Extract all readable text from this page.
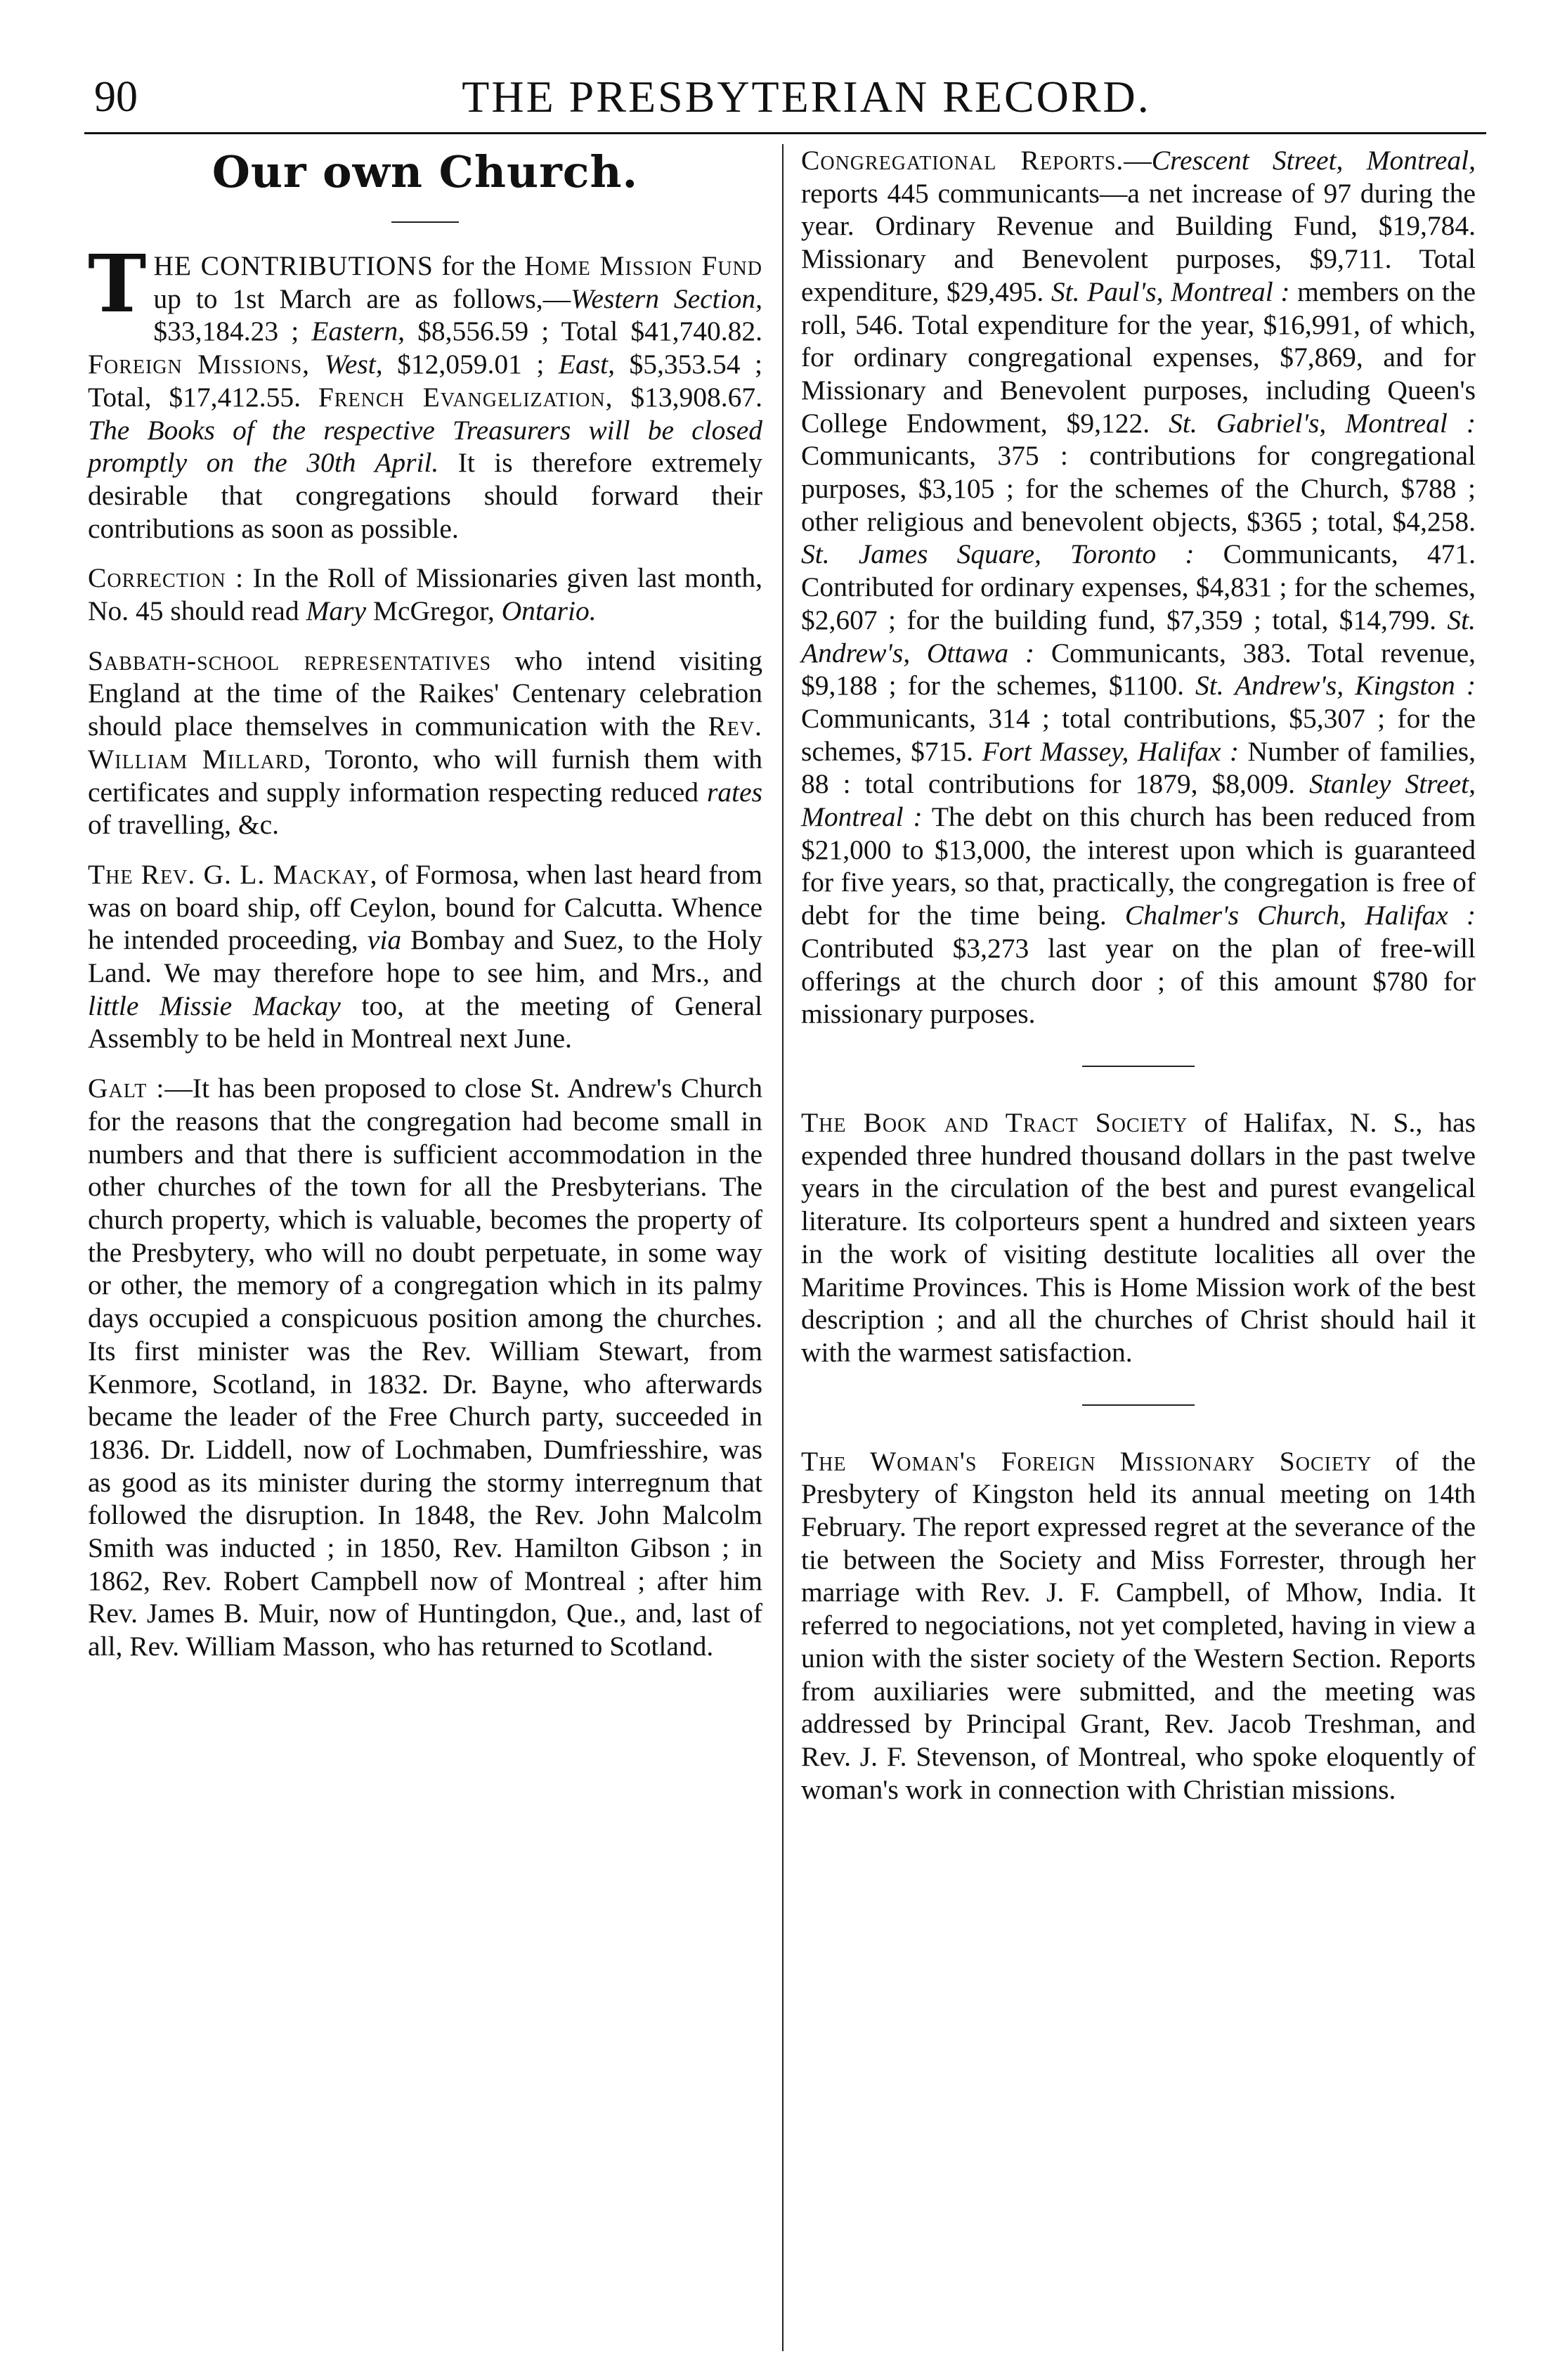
90	THE PRESBYTERIAN RECORD.
Our own Church.

THE CONTRIBUTIONS for the Home Mission Fund up to 1st March are as follows,—Western Section, $33,184.23 ; Eastern, $8,556.59 ; Total $41,740.82. Foreign Missions, West, $12,059.01 ; East, $5,353.54 ; Total, $17,412.55. French Evangelization, $13,908.67. The Books of the respective Treasurers will be closed promptly on the 30th April. It is therefore extremely desirable that congregations should forward their contributions as soon as possible.

Correction : In the Roll of Missionaries given last month, No. 45 should read Mary McGregor, Ontario.

Sabbath-school representatives who intend visiting England at the time of the Raikes' Centenary celebration should place themselves in communication with the Rev. William Millard, Toronto, who will furnish them with certificates and supply information respecting reduced rates of travelling, &c.

The Rev. G. L. Mackay, of Formosa, when last heard from was on board ship, off Ceylon, bound for Calcutta. Whence he intended proceeding, via Bombay and Suez, to the Holy Land. We may therefore hope to see him, and Mrs., and little Missie Mackay too, at the meeting of General Assembly to be held in Montreal next June.

Galt :—It has been proposed to close St. Andrew's Church for the reasons that the congregation had become small in numbers and that there is sufficient accommodation in the other churches of the town for all the Presbyterians. The church property, which is valuable, becomes the property of the Presbytery, who will no doubt perpetuate, in some way or other, the memory of a congregation which in its palmy days occupied a conspicuous position among the churches. Its first minister was the Rev. William Stewart, from Kenmore, Scotland, in 1832. Dr. Bayne, who afterwards became the leader of the Free Church party, succeeded in 1836. Dr. Liddell, now of Lochmaben, Dumfriesshire, was as good as its minister during the stormy interregnum that followed the disruption. In 1848, the Rev. John Malcolm Smith was inducted ; in 1850, Rev. Hamilton Gibson ; in 1862, Rev. Robert Campbell now of Montreal ; after him Rev. James B. Muir, now of Huntingdon, Que., and, last of all, Rev. William Masson, who has returned to Scotland.

Congregational Reports.—Crescent Street, Montreal, reports 445 communicants—a net increase of 97 during the year. Ordinary Revenue and Building Fund, $19,784. Missionary and Benevolent purposes, $9,711. Total expenditure, $29,495. St. Paul's, Montreal : members on the roll, 546. Total expenditure for the year, $16,991, of which, for ordinary congregational expenses, $7,869, and for Missionary and Benevolent purposes, including Queen's College Endowment, $9,122. St. Gabriel's, Montreal : Communicants, 375 : contributions for congregational purposes, $3,105 ; for the schemes of the Church, $788 ; other religious and benevolent objects, $365 ; total, $4,258. St. James Square, Toronto : Communicants, 471. Contributed for ordinary expenses, $4,831 ; for the schemes, $2,607 ; for the building fund, $7,359 ; total, $14,799. St. Andrew's, Ottawa : Communicants, 383. Total revenue, $9,188 ; for the schemes, $1100. St. Andrew's, Kingston : Communicants, 314 ; total contributions, $5,307 ; for the schemes, $715. Fort Massey, Halifax : Number of families, 88 : total contributions for 1879, $8,009. Stanley Street, Montreal : The debt on this church has been reduced from $21,000 to $13,000, the interest upon which is guaranteed for five years, so that, practically, the congregation is free of debt for the time being. Chalmer's Church, Halifax : Contributed $3,273 last year on the plan of free-will offerings at the church door ; of this amount $780 for missionary purposes.

The Book and Tract Society of Halifax, N. S., has expended three hundred thousand dollars in the past twelve years in the circulation of the best and purest evangelical literature. Its colporteurs spent a hundred and sixteen years in the work of visiting destitute localities all over the Maritime Provinces. This is Home Mission work of the best description ; and all the churches of Christ should hail it with the warmest satisfaction.

The Woman's Foreign Missionary Society of the Presbytery of Kingston held its annual meeting on 14th February. The report expressed regret at the severance of the tie between the Society and Miss Forrester, through her marriage with Rev. J. F. Campbell, of Mhow, India. It referred to negociations, not yet completed, having in view a union with the sister society of the Western Section. Reports from auxiliaries were submitted, and the meeting was addressed by Principal Grant, Rev. Jacob Treshman, and Rev. J. F. Stevenson, of Montreal, who spoke eloquently of woman's work in connection with Christian missions.
